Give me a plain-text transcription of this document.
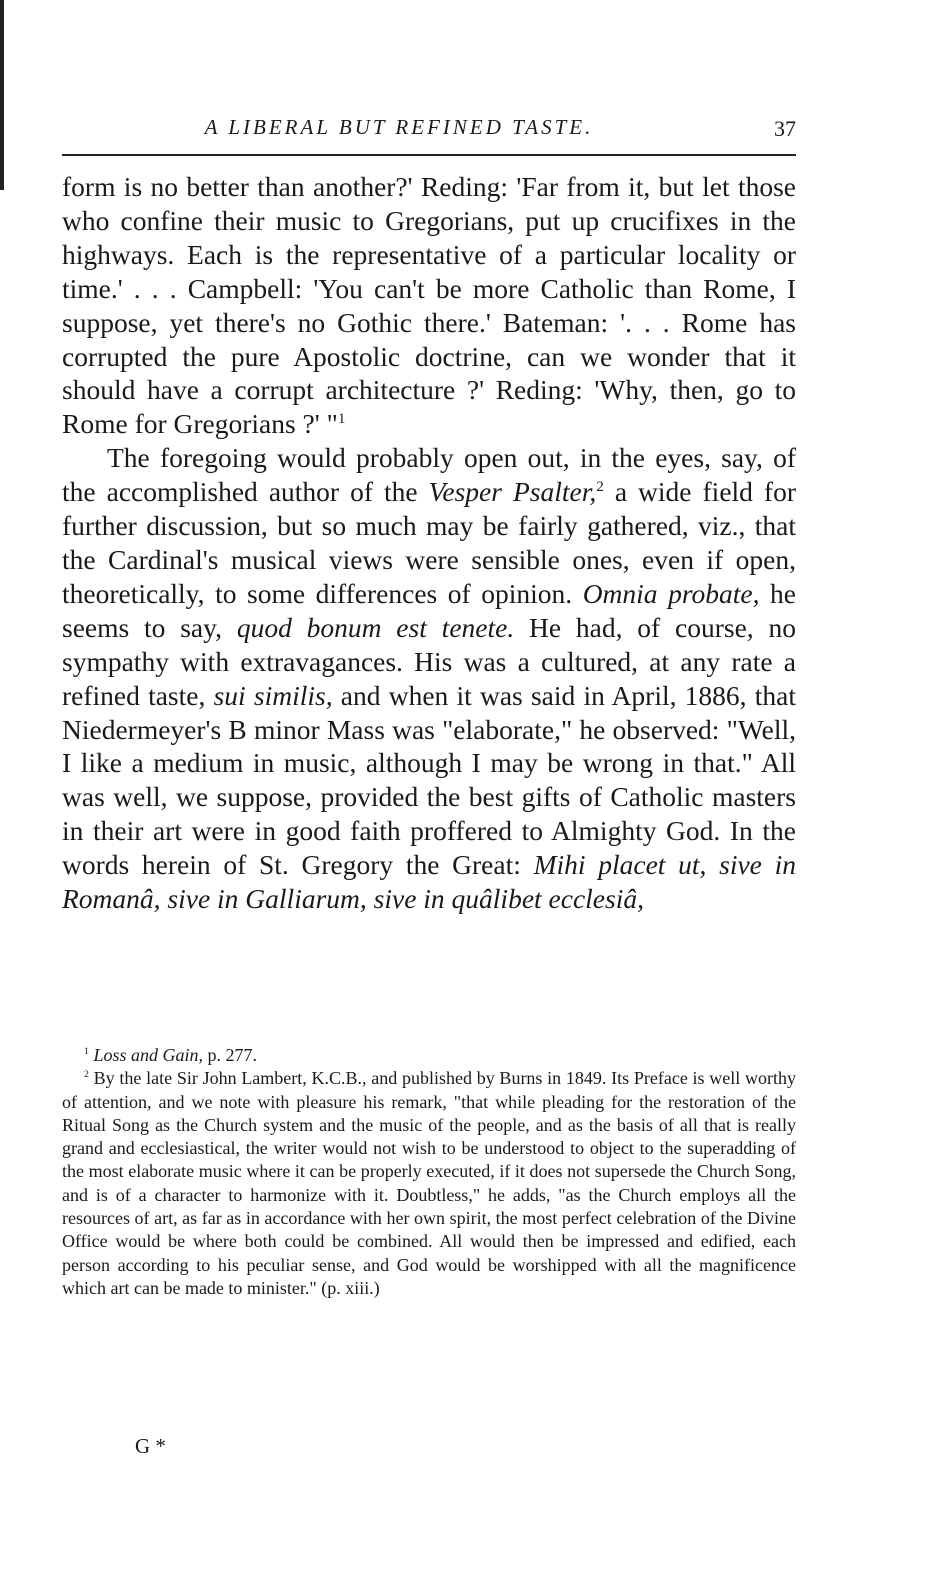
A LIBERAL BUT REFINED TASTE.	37

form is no better than another?' Reding: 'Far from it, but let those who confine their music to Gregorians, put up crucifixes in the highways. Each is the representative of a particular locality or time.' . . . Campbell: 'You can't be more Catholic than Rome, I suppose, yet there's no Gothic there.' Bateman: '. . . Rome has corrupted the pure Apostolic doctrine, can we wonder that it should have a corrupt architecture ?' Reding: 'Why, then, go to Rome for Gregorians ?' "$^1$

The foregoing would probably open out, in the eyes, say, of the accomplished author of the Vesper Psalter,$^2$ a wide field for further discussion, but so much may be fairly gathered, viz., that the Cardinal's musical views were sensible ones, even if open, theoretically, to some differences of opinion. Omnia probate, he seems to say, quod bonum est tenete. He had, of course, no sympathy with extravagances. His was a cultured, at any rate a refined taste, sui similis, and when it was said in April, 1886, that Niedermeyer's B minor Mass was "elaborate," he observed: "Well, I like a medium in music, although I may be wrong in that." All was well, we suppose, provided the best gifts of Catholic masters in their art were in good faith proffered to Almighty God. In the words herein of St. Gregory the Great: Mihi placet ut, sive in Romanâ, sive in Galliarum, sive in quâlibet ecclesiâ,

$^1$ Loss and Gain, p. 277.

$^2$ By the late Sir John Lambert, K.C.B., and published by Burns in 1849. Its Preface is well worthy of attention, and we note with pleasure his remark, "that while pleading for the restoration of the Ritual Song as the Church system and the music of the people, and as the basis of all that is really grand and ecclesiastical, the writer would not wish to be understood to object to the superadding of the most elaborate music where it can be properly executed, if it does not supersede the Church Song, and is of a character to harmonize with it. Doubtless," he adds, "as the Church employs all the resources of art, as far as in accordance with her own spirit, the most perfect celebration of the Divine Office would be where both could be combined. All would then be impressed and edified, each person according to his peculiar sense, and God would be worshipped with all the magnificence which art can be made to minister." (p. xiii.)

G *
